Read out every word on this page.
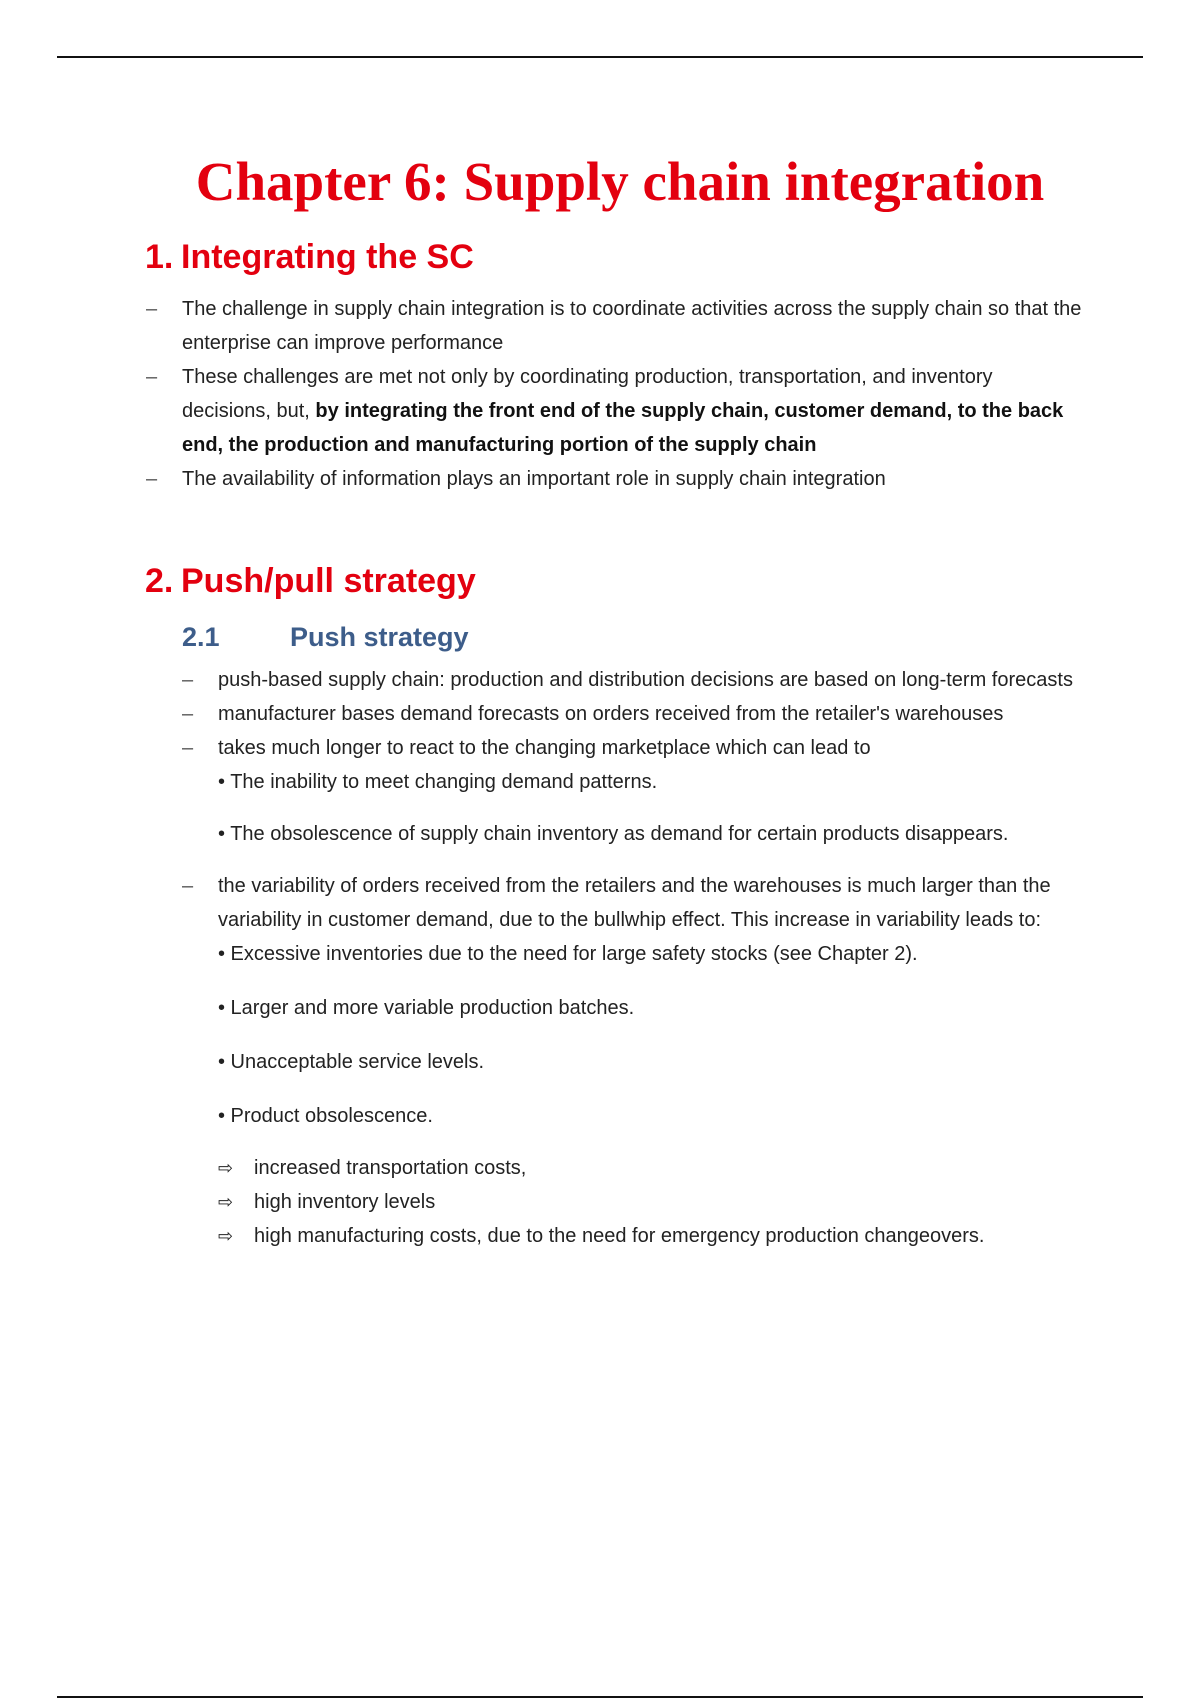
Chapter 6: Supply chain integration
1. Integrating the SC
– The challenge in supply chain integration is to coordinate activities across the supply chain so that the enterprise can improve performance
– These challenges are met not only by coordinating production, transportation, and inventory decisions, but, by integrating the front end of the supply chain, customer demand, to the back end, the production and manufacturing portion of the supply chain
– The availability of information plays an important role in supply chain integration
2. Push/pull strategy
2.1	Push strategy
– push-based supply chain: production and distribution decisions are based on long-term forecasts
– manufacturer bases demand forecasts on orders received from the retailer's warehouses
– takes much longer to react to the changing marketplace which can lead to
• The inability to meet changing demand patterns.
• The obsolescence of supply chain inventory as demand for certain products disappears.
– the variability of orders received from the retailers and the warehouses is much larger than the variability in customer demand, due to the bullwhip effect. This increase in variability leads to:
• Excessive inventories due to the need for large safety stocks (see Chapter 2).
• Larger and more variable production batches.
• Unacceptable service levels.
• Product obsolescence.
⇨ increased transportation costs,
⇨ high inventory levels
⇨ high manufacturing costs, due to the need for emergency production changeovers.
